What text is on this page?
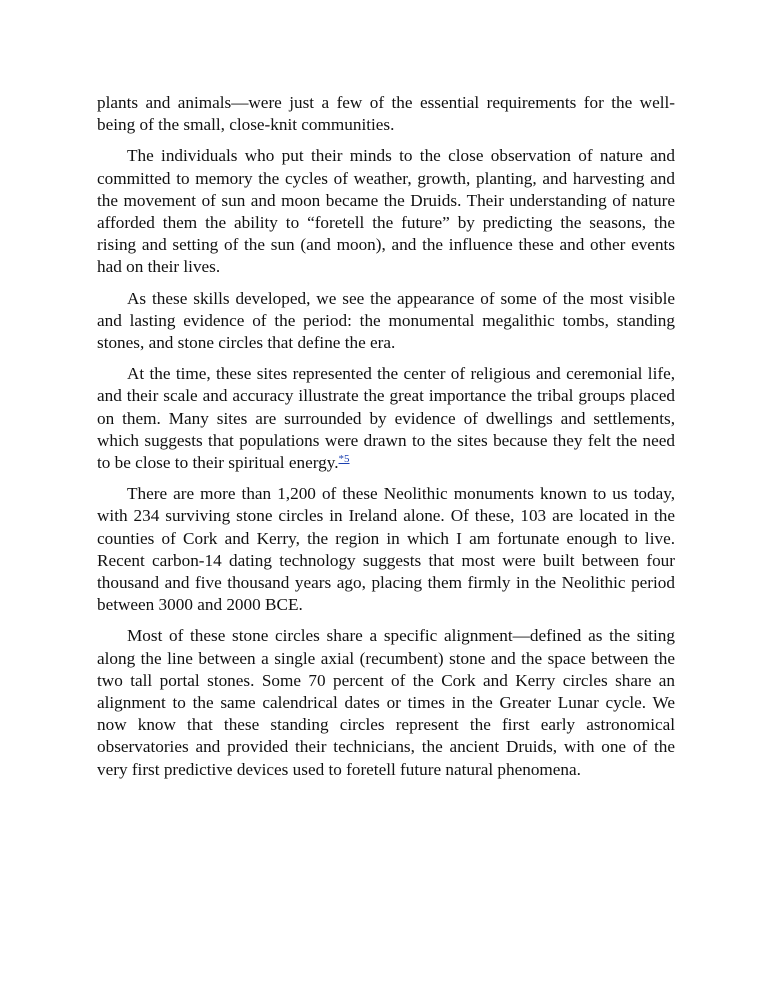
plants and animals—were just a few of the essential requirements for the well-being of the small, close-knit communities.

The individuals who put their minds to the close observation of nature and committed to memory the cycles of weather, growth, planting, and harvesting and the movement of sun and moon became the Druids. Their understanding of nature afforded them the ability to “foretell the future” by predicting the seasons, the rising and setting of the sun (and moon), and the influence these and other events had on their lives.

As these skills developed, we see the appearance of some of the most visible and lasting evidence of the period: the monumental megalithic tombs, standing stones, and stone circles that define the era.

At the time, these sites represented the center of religious and ceremonial life, and their scale and accuracy illustrate the great importance the tribal groups placed on them. Many sites are surrounded by evidence of dwellings and settlements, which suggests that populations were drawn to the sites because they felt the need to be close to their spiritual energy.$^{*5}$

There are more than 1,200 of these Neolithic monuments known to us today, with 234 surviving stone circles in Ireland alone. Of these, 103 are located in the counties of Cork and Kerry, the region in which I am fortunate enough to live. Recent carbon-14 dating technology suggests that most were built between four thousand and five thousand years ago, placing them firmly in the Neolithic period between 3000 and 2000 BCE.

Most of these stone circles share a specific alignment—defined as the siting along the line between a single axial (recumbent) stone and the space between the two tall portal stones. Some 70 percent of the Cork and Kerry circles share an alignment to the same calendrical dates or times in the Greater Lunar cycle. We now know that these standing circles represent the first early astronomical observatories and provided their technicians, the ancient Druids, with one of the very first predictive devices used to foretell future natural phenomena.
